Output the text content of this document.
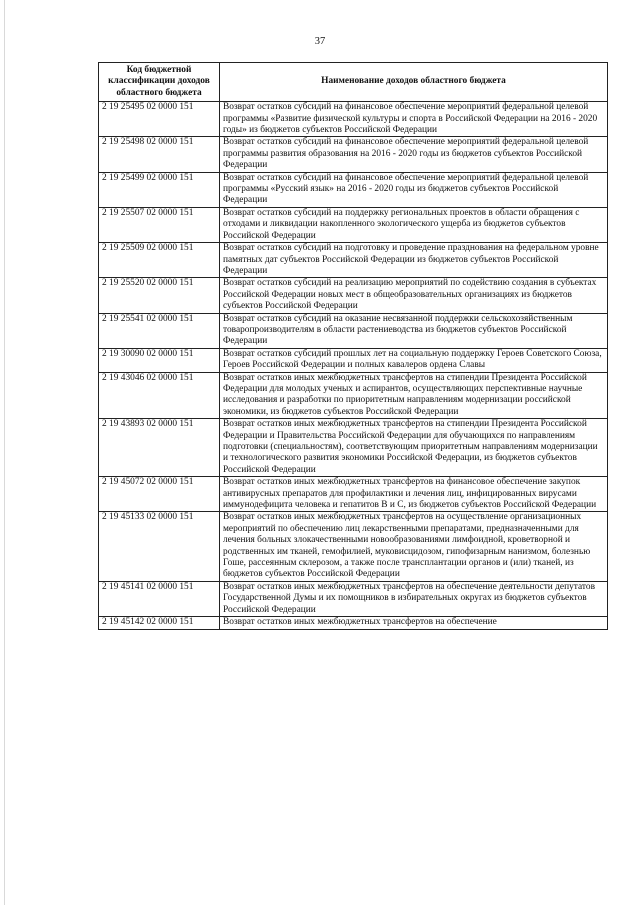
37
Код бюджетной классификации доходов областного бюджета	Наименование доходов областного бюджета
2 19 25495 02 0000 151	Возврат остатков субсидий на финансовое обеспечение мероприятий федеральной целевой программы «Развитие физической культуры и спорта в Российской Федерации на 2016 - 2020 годы» из бюджетов субъектов Российской Федерации
2 19 25498 02 0000 151	Возврат остатков субсидий на финансовое обеспечение мероприятий федеральной целевой программы развития образования на 2016 - 2020 годы из бюджетов субъектов Российской Федерации
2 19 25499 02 0000 151	Возврат остатков субсидий на финансовое обеспечение мероприятий федеральной целевой программы «Русский язык» на 2016 - 2020 годы из бюджетов субъектов Российской Федерации
2 19 25507 02 0000 151	Возврат остатков субсидий на поддержку региональных проектов в области обращения с отходами и ликвидации накопленного экологического ущерба из бюджетов субъектов Российской Федерации
2 19 25509 02 0000 151	Возврат остатков субсидий на подготовку и проведение празднования на федеральном уровне памятных дат субъектов Российской Федерации из бюджетов субъектов Российской Федерации
2 19 25520 02 0000 151	Возврат остатков субсидий на реализацию мероприятий по содействию создания в субъектах Российской Федерации новых мест в общеобразовательных организациях из бюджетов субъектов Российской Федерации
2 19 25541 02 0000 151	Возврат остатков субсидий на оказание несвязанной поддержки сельскохозяйственным товаропроизводителям в области растениеводства из бюджетов субъектов Российской Федерации
2 19 30090 02 0000 151	Возврат остатков субсидий прошлых лет на социальную поддержку Героев Советского Союза, Героев Российской Федерации и полных кавалеров ордена Славы
2 19 43046 02 0000 151	Возврат остатков иных межбюджетных трансфертов на стипендии Президента Российской Федерации для молодых ученых и аспирантов, осуществляющих перспективные научные исследования и разработки по приоритетным направлениям модернизации российской экономики, из бюджетов субъектов Российской Федерации
2 19 43893 02 0000 151	Возврат остатков иных межбюджетных трансфертов на стипендии Президента Российской Федерации и Правительства Российской Федерации для обучающихся по направлениям подготовки (специальностям), соответствующим приоритетным направлениям модернизации и технологического развития экономики Российской Федерации, из бюджетов субъектов Российской Федерации
2 19 45072 02 0000 151	Возврат остатков иных межбюджетных трансфертов на финансовое обеспечение закупок антивирусных препаратов для профилактики и лечения лиц, инфицированных вирусами иммунодефицита человека и гепатитов В и С, из бюджетов субъектов Российской Федерации
2 19 45133 02 0000 151	Возврат остатков иных межбюджетных трансфертов на осуществление организационных мероприятий по обеспечению лиц лекарственными препаратами, предназначенными для лечения больных злокачественными новообразованиями лимфоидной, кроветворной и родственных им тканей, гемофилией, муковисцидозом, гипофизарным нанизмом, болезнью Гоше, рассеянным склерозом, а также после трансплантации органов и (или) тканей, из бюджетов субъектов Российской Федерации
2 19 45141 02 0000 151	Возврат остатков иных межбюджетных трансфертов на обеспечение деятельности депутатов Государственной Думы и их помощников в избирательных округах из бюджетов субъектов Российской Федерации
2 19 45142 02 0000 151	Возврат остатков иных межбюджетных трансфертов на обеспечение
